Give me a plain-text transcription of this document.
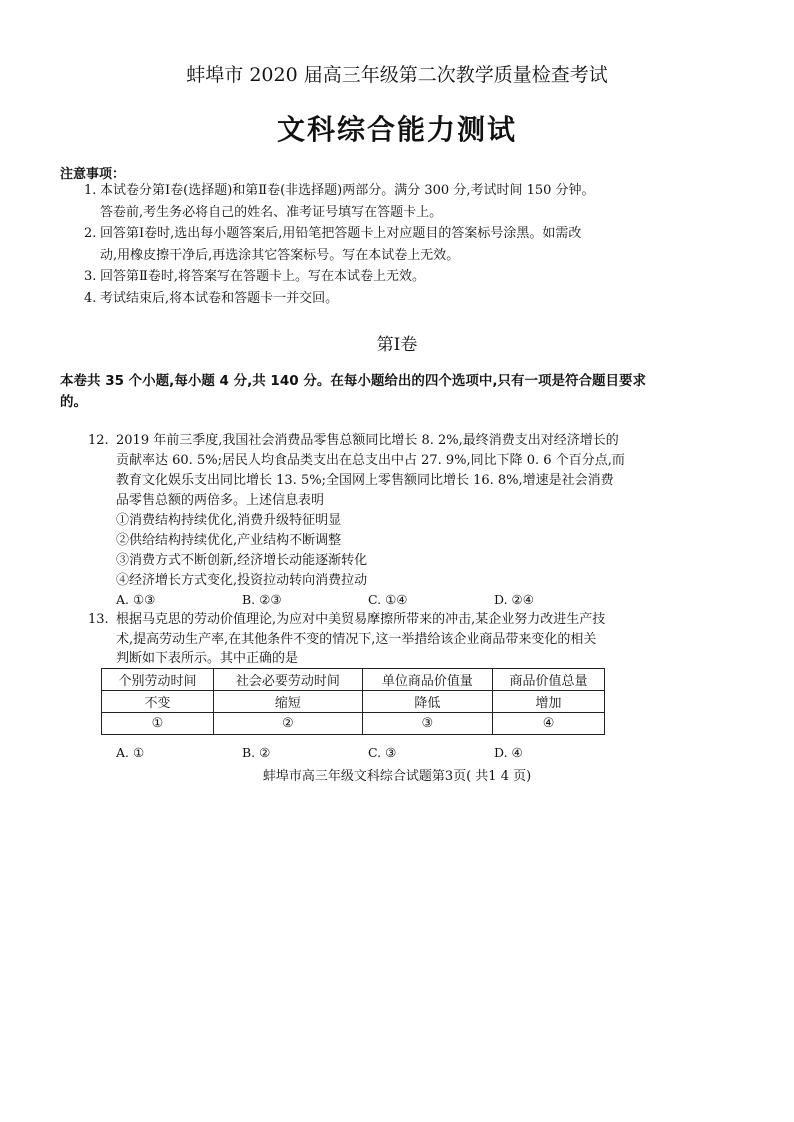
蚌埠市 2020 届高三年级第二次教学质量检查考试
文科综合能力测试
注意事项：
1. 本试卷分第Ⅰ卷(选择题)和第Ⅱ卷(非选择题)两部分。满分 300 分,考试时间 150 分钟。
答卷前,考生务必将自己的姓名、准考证号填写在答题卡上。
2. 回答第Ⅰ卷时,选出每小题答案后,用铅笔把答题卡上对应题目的答案标号涂黑。如需改
动,用橡皮擦干净后,再选涂其它答案标号。写在本试卷上无效。
3. 回答第Ⅱ卷时,将答案写在答题卡上。写在本试卷上无效。
4. 考试结束后,将本试卷和答题卡一并交回。
第Ⅰ卷
本卷共 35 个小题,每小题 4 分,共 140 分。在每小题给出的四个选项中,只有一项是符合题目要求的。
12. 2019 年前三季度,我国社会消费品零售总额同比增长 8. 2%,最终消费支出对经济增长的
贡献率达 60. 5%;居民人均食品类支出在总支出中占 27. 9%,同比下降 0. 6 个百分点,而
教育文化娱乐支出同比增长 13. 5%;全国网上零售额同比增长 16. 8%,增速是社会消费
品零售总额的两倍多。上述信息表明
①消费结构持续优化,消费升级特征明显
②供给结构持续优化,产业结构不断调整
③消费方式不断创新,经济增长动能逐渐转化
④经济增长方式变化,投资拉动转向消费拉动
A. ①③	B. ②③	C. ①④	D. ②④
13. 根据马克思的劳动价值理论,为应对中美贸易摩擦所带来的冲击,某企业努力改进生产技
术,提高劳动生产率,在其他条件不变的情况下,这一举措给该企业商品带来变化的相关
判断如下表所示。其中正确的是
个别劳动时间	社会必要劳动时间	单位商品价值量	商品价值总量
不变	缩短	降低	增加
①	②	③	④
A. ①	B. ②	C. ③	D. ④
蚌埠市高三年级文科综合试题第3页( 共1 4 页)
